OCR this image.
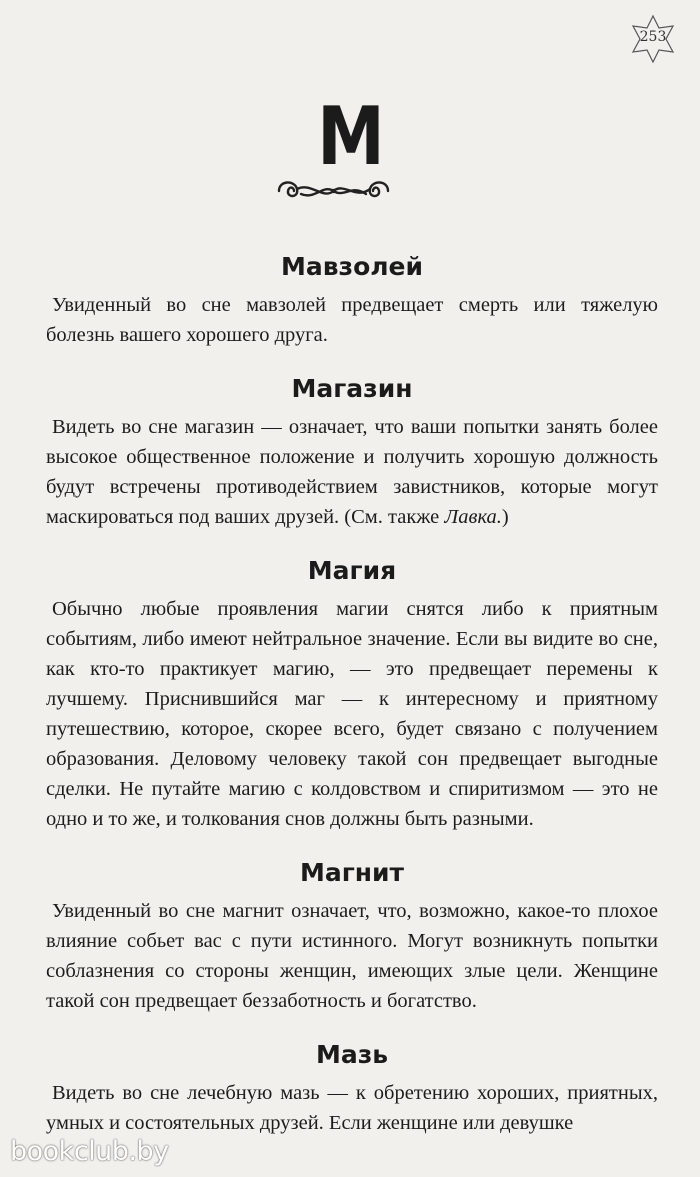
253
М
Мавзолей

Увиденный во сне мавзолей предвещает смерть или тяжелую болезнь вашего хорошего друга.

Магазин

Видеть во сне магазин — означает, что ваши попытки занять более высокое общественное положение и получить хорошую должность будут встречены противодействием завистников, которые могут маскироваться под ваших друзей. (См. также Лавка.)

Магия

Обычно любые проявления магии снятся либо к приятным событиям, либо имеют нейтральное значение. Если вы видите во сне, как кто-то практикует магию, — это предвещает перемены к лучшему. Приснившийся маг — к интересному и приятному путешествию, которое, скорее всего, будет связано с получением образования. Деловому человеку такой сон предвещает выгодные сделки. Не путайте магию с колдовством и спиритизмом — это не одно и то же, и толкования снов должны быть разными.

Магнит

Увиденный во сне магнит означает, что, возможно, какое-то плохое влияние собьет вас с пути истинного. Могут возникнуть попытки соблазнения со стороны женщин, имеющих злые цели. Женщине такой сон предвещает беззаботность и богатство.

Мазь

Видеть во сне лечебную мазь — к обретению хороших, приятных, умных и состоятельных друзей. Если женщине или девушке

bookclub.by
